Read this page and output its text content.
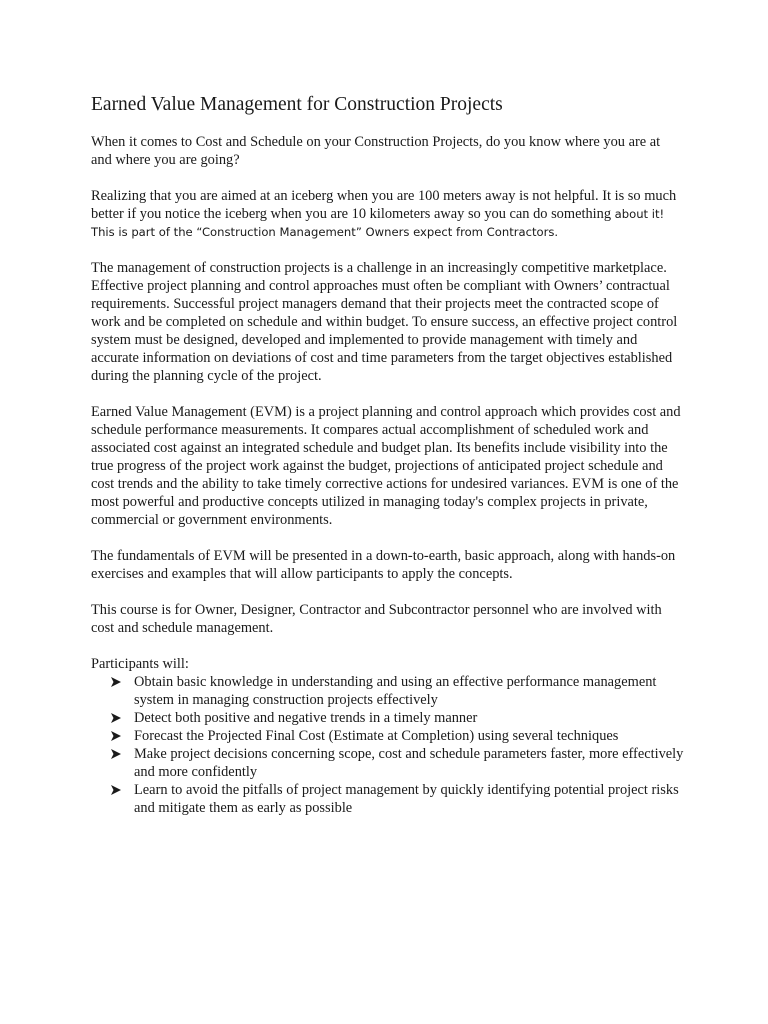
Earned Value Management for Construction Projects

When it comes to Cost and Schedule on your Construction Projects, do you know where you are at and where you are going?

Realizing that you are aimed at an iceberg when you are 100 meters away is not helpful. It is so much better if you notice the iceberg when you are 10 kilometers away so you can do something about it! This is part of the “Construction Management” Owners expect from Contractors.

The management of construction projects is a challenge in an increasingly competitive marketplace. Effective project planning and control approaches must often be compliant with Owners’ contractual requirements. Successful project managers demand that their projects meet the contracted scope of work and be completed on schedule and within budget. To ensure success, an effective project control system must be designed, developed and implemented to provide management with timely and accurate information on deviations of cost and time parameters from the target objectives established during the planning cycle of the project.

Earned Value Management (EVM) is a project planning and control approach which provides cost and schedule performance measurements. It compares actual accomplishment of scheduled work and associated cost against an integrated schedule and budget plan. Its benefits include visibility into the true progress of the project work against the budget, projections of anticipated project schedule and cost trends and the ability to take timely corrective actions for undesired variances. EVM is one of the most powerful and productive concepts utilized in managing today's complex projects in private, commercial or government environments.

The fundamentals of EVM will be presented in a down-to-earth, basic approach, along with hands-on exercises and examples that will allow participants to apply the concepts.

This course is for Owner, Designer, Contractor and Subcontractor personnel who are involved with cost and schedule management.

Participants will:

Obtain basic knowledge in understanding and using an effective performance management system in managing construction projects effectively
Detect both positive and negative trends in a timely manner
Forecast the Projected Final Cost (Estimate at Completion) using several techniques
Make project decisions concerning scope, cost and schedule parameters faster, more effectively and more confidently
Learn to avoid the pitfalls of project management by quickly identifying potential project risks and mitigate them as early as possible
